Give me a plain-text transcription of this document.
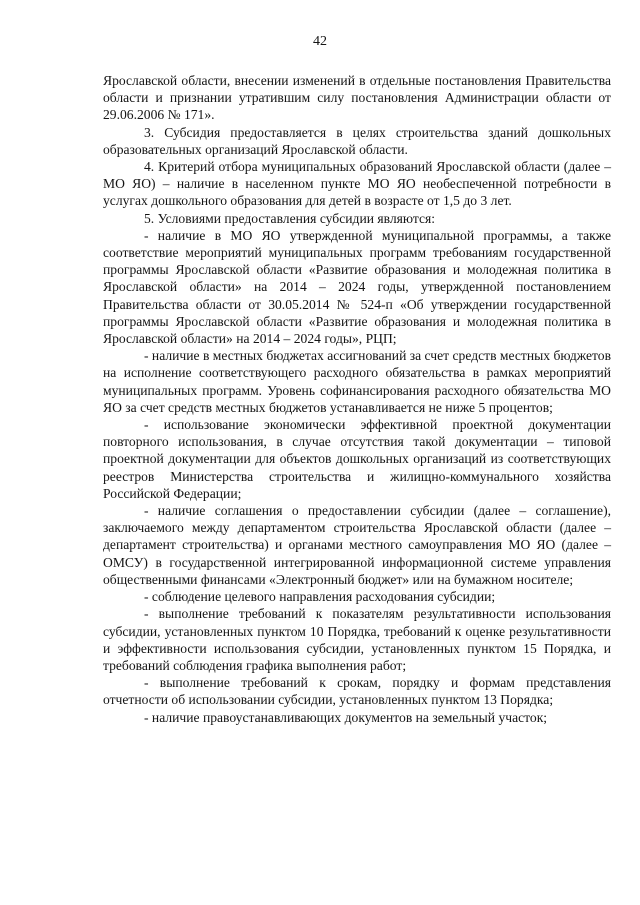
42

Ярославской области, внесении изменений в отдельные постановления Правительства области и признании утратившим силу постановления Администрации области от 29.06.2006 № 171».

3. Субсидия предоставляется в целях строительства зданий дошкольных образовательных организаций Ярославской области.

4. Критерий отбора муниципальных образований Ярославской области (далее – МО ЯО) – наличие в населенном пункте МО ЯО необеспеченной потребности в услугах дошкольного образования для детей в возрасте от 1,5 до 3 лет.

5. Условиями предоставления субсидии являются:

- наличие в МО ЯО утвержденной муниципальной программы, а также соответствие мероприятий муниципальных программ требованиям государственной программы Ярославской области «Развитие образования и молодежная политика в Ярославской области» на 2014 – 2024 годы, утвержденной постановлением Правительства области от 30.05.2014 № 524-п «Об утверждении государственной программы Ярославской области «Развитие образования и молодежная политика в Ярославской области» на 2014 – 2024 годы», РЦП;

- наличие в местных бюджетах ассигнований за счет средств местных бюджетов на исполнение соответствующего расходного обязательства в рамках мероприятий муниципальных программ. Уровень софинансирования расходного обязательства МО ЯО за счет средств местных бюджетов устанавливается не ниже 5 процентов;

- использование экономически эффективной проектной документации повторного использования, в случае отсутствия такой документации – типовой проектной документации для объектов дошкольных организаций из соответствующих реестров Министерства строительства и жилищно-коммунального хозяйства Российской Федерации;

- наличие соглашения о предоставлении субсидии (далее – соглашение), заключаемого между департаментом строительства Ярославской области (далее – департамент строительства) и органами местного самоуправления МО ЯО (далее – ОМСУ) в государственной интегрированной информационной системе управления общественными финансами «Электронный бюджет» или на бумажном носителе;

- соблюдение целевого направления расходования субсидии;

- выполнение требований к показателям результативности использования субсидии, установленных пунктом 10 Порядка, требований к оценке результативности и эффективности использования субсидии, установленных пунктом 15 Порядка, и требований соблюдения графика выполнения работ;

- выполнение требований к срокам, порядку и формам представления отчетности об использовании субсидии, установленных пунктом 13 Порядка;

- наличие правоустанавливающих документов на земельный участок;
